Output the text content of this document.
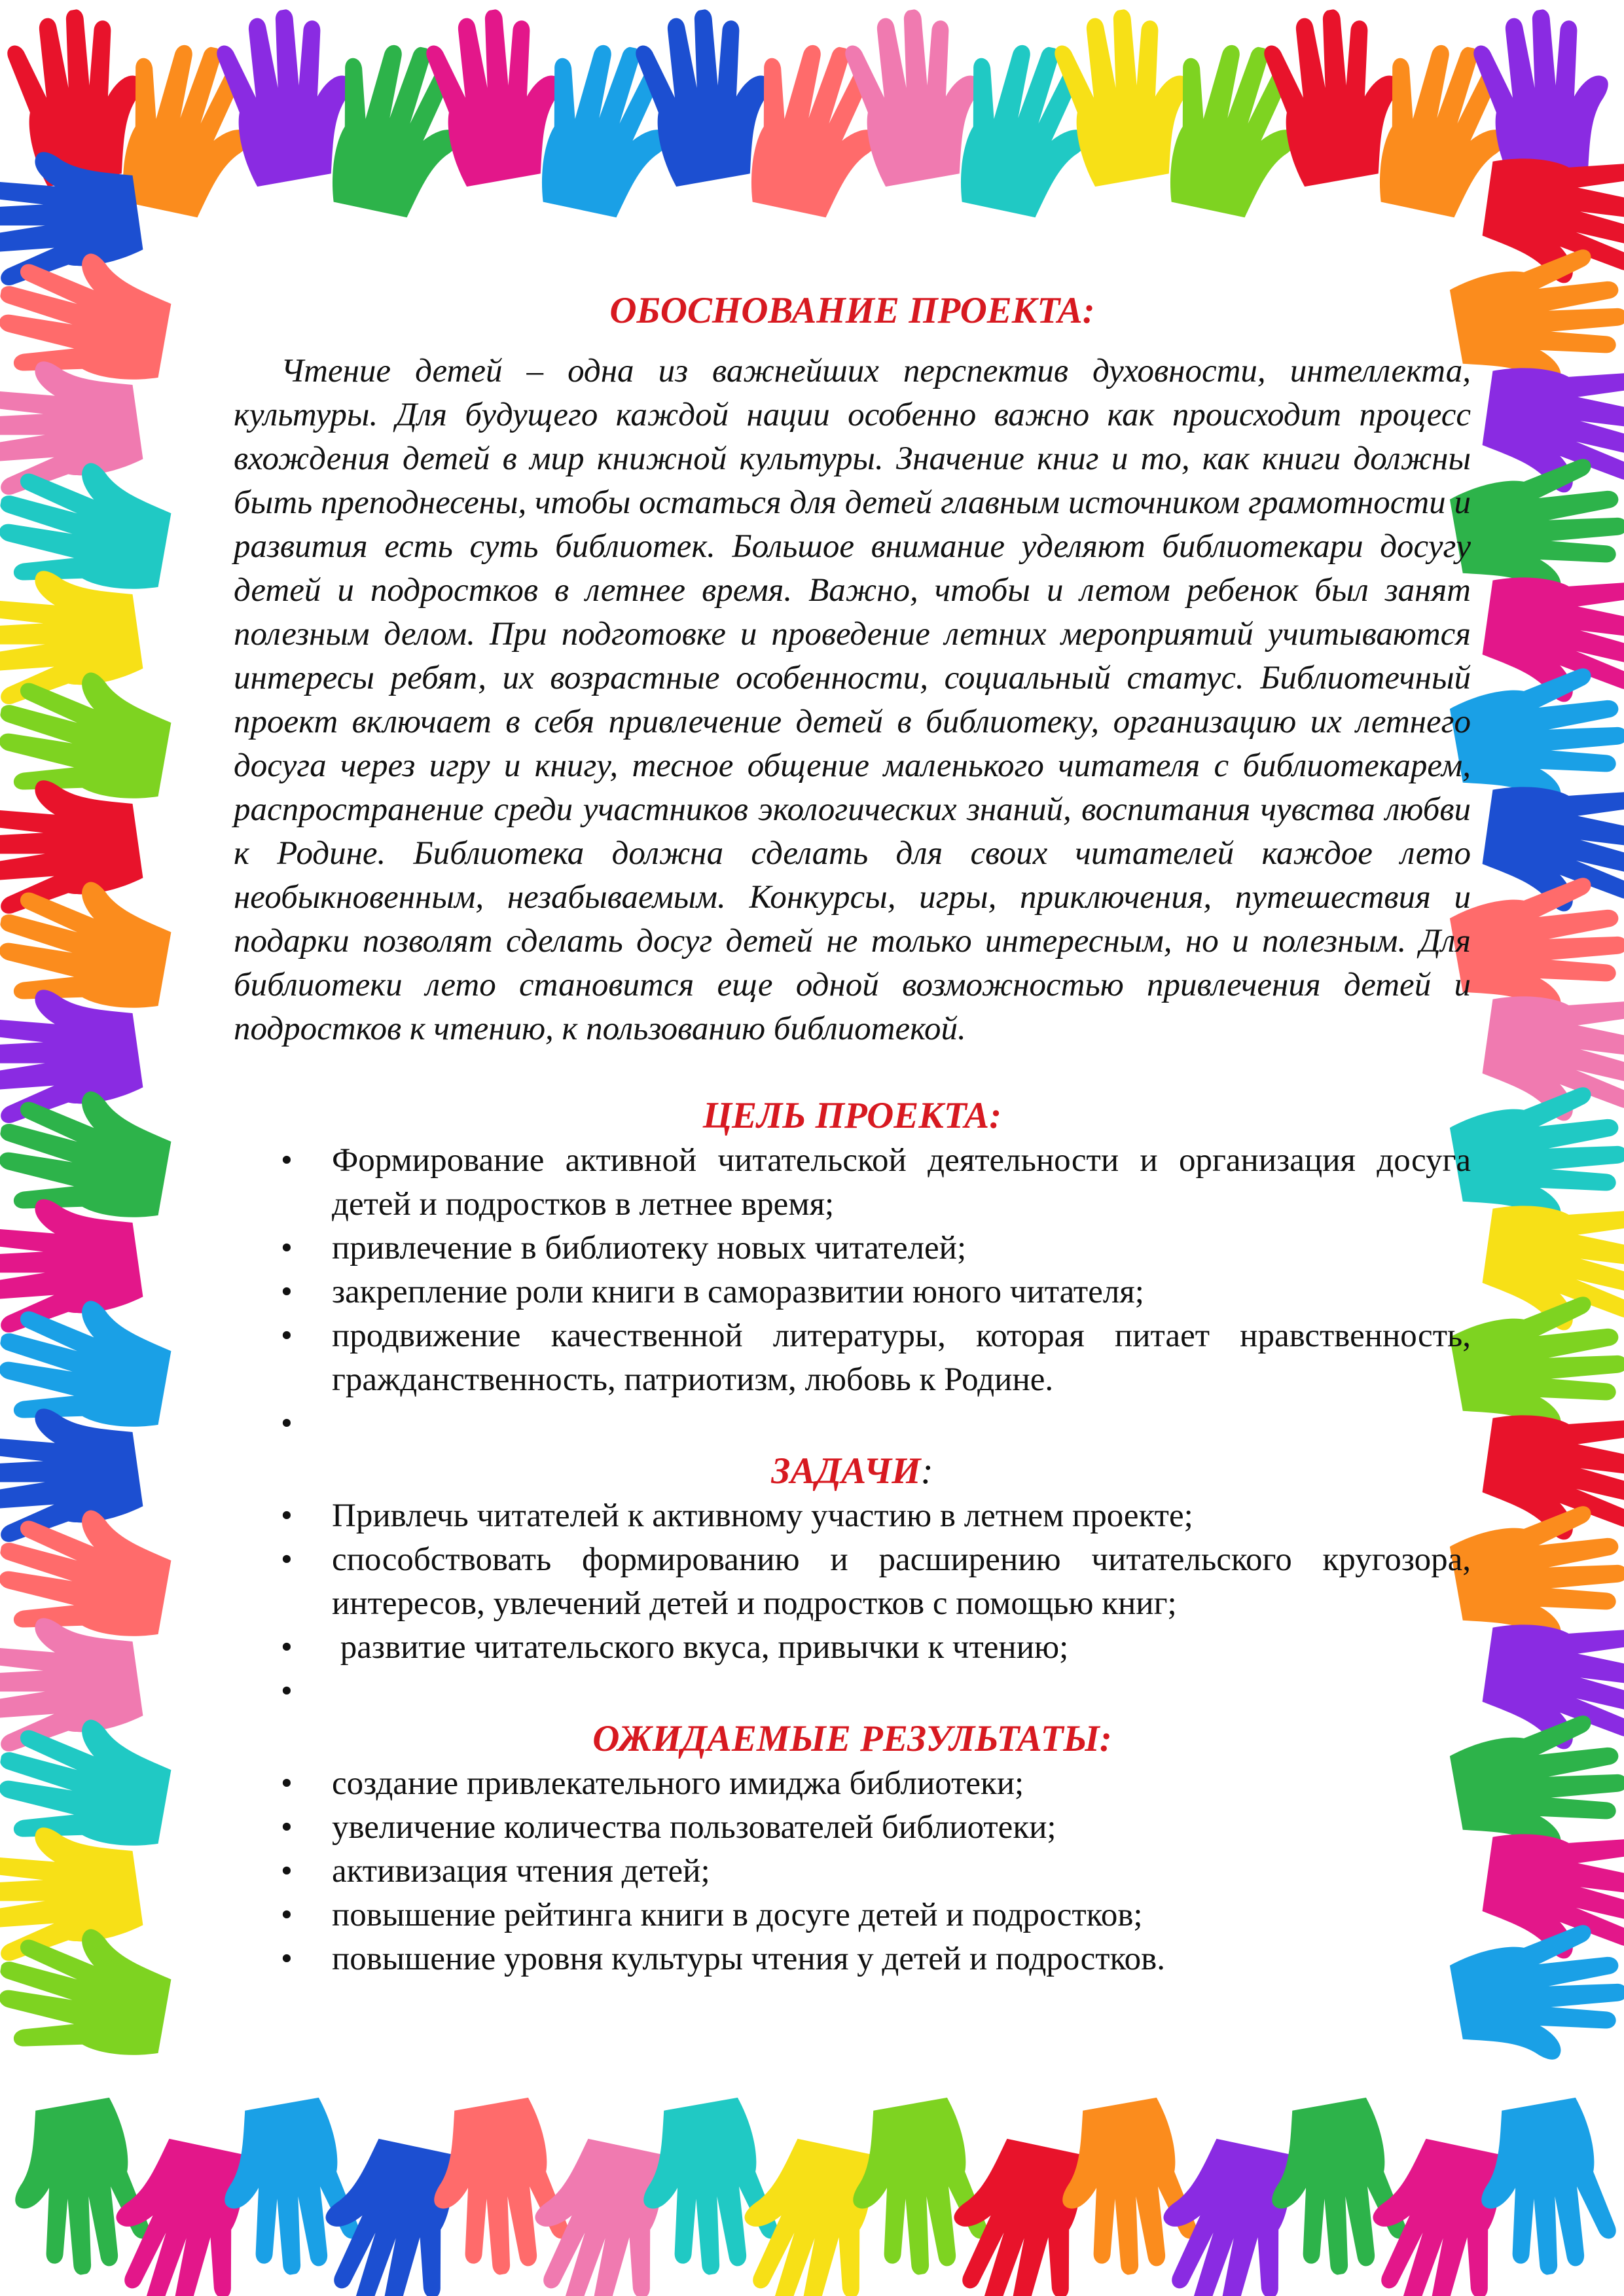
ОБОСНОВАНИЕ ПРОЕКТА:

Чтение детей – одна из важнейших перспектив духовности, интеллекта, культуры. Для будущего каждой нации особенно важно как происходит процесс вхождения детей в мир книжной культуры. Значение книг и то, как книги должны быть преподнесены, чтобы остаться для детей главным источником грамотности и развития есть суть библиотек. Большое внимание уделяют библиотекари досугу детей и подростков в летнее время. Важно, чтобы и летом ребенок был занят полезным делом. При подготовке и проведение летних мероприятий учитываются интересы ребят, их возрастные особенности, социальный статус. Библиотечный проект включает в себя привлечение детей в библиотеку, организацию их летнего досуга через игру и книгу, тесное общение маленького читателя с библиотекарем, распространение среди участников экологических знаний, воспитания чувства любви к Родине. Библиотека должна сделать для своих читателей каждое лето необыкновенным, незабываемым. Конкурсы, игры, приключения, путешествия и подарки позволят сделать досуг детей не только интересным, но и полезным. Для библиотеки лето становится еще одной возможностью привлечения детей и подростков к чтению, к пользованию библиотекой.

ЦЕЛЬ ПРОЕКТА:
• Формирование активной читательской деятельности и организация досуга детей и подростков в летнее время;
• привлечение в библиотеку новых читателей;
• закрепление роли книги в саморазвитии юного читателя;
• продвижение качественной литературы, которая питает нравственность, гражданственность, патриотизм, любовь к Родине.
•
ЗАДАЧИ:
• Привлечь читателей к активному участию в летнем проекте;
• способствовать формированию и расширению читательского кругозора, интересов, увлечений детей и подростков с помощью книг;
•  развитие читательского вкуса, привычки к чтению;
•
ОЖИДАЕМЫЕ РЕЗУЛЬТАТЫ:
• создание привлекательного имиджа библиотеки;
• увеличение количества пользователей библиотеки;
• активизация чтения детей;
• повышение рейтинга книги в досуге детей и подростков;
• повышение уровня культуры чтения у детей и подростков.
